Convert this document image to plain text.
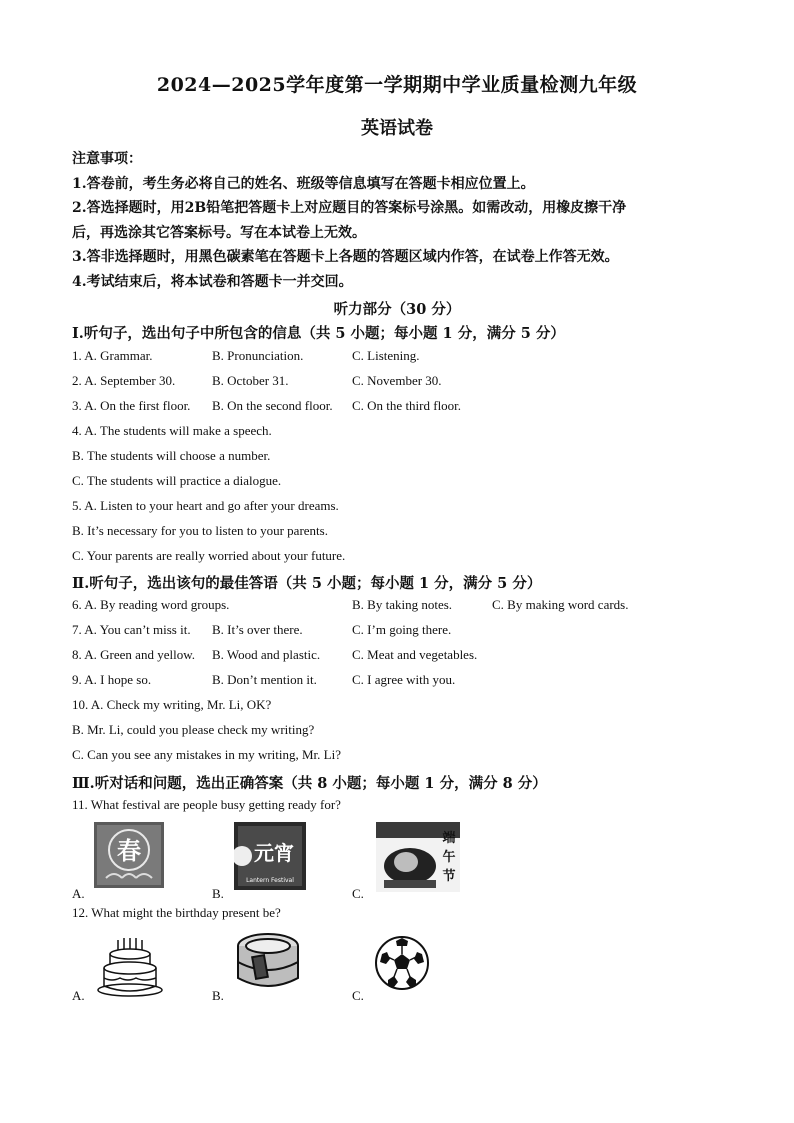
2024—2025学年度第一学期期中学业质量检测九年级
英语试卷

注意事项：

1.答卷前，考生务必将自己的姓名、班级等信息填写在答题卡相应位置上。

2.答选择题时，用2B铅笔把答题卡上对应题目的答案标号涂黑。如需改动，用橡皮擦干净

后，再选涂其它答案标号。写在本试卷上无效。

3.答非选择题时，用黑色碳素笔在答题卡上各题的答题区域内作答，在试卷上作答无效。

4.考试结束后，将本试卷和答题卡一并交回。

听力部分（30 分）
Ⅰ.听句子，选出句子中所包含的信息（共 5 小题；每小题 1 分，满分 5 分）
1. A. Grammar.	B. Pronunciation.	C. Listening.
2. A. September 30.	B. October 31.	C. November 30.
3. A. On the first floor. B. On the second floor. C. On the third floor.
4. A. The students will make a speech.
B. The students will choose a number.
C. The students will practice a dialogue.
5. A. Listen to your heart and go after your dreams.
B. It’s necessary for you to listen to your parents.
C. Your parents are really worried about your future.
Ⅱ.听句子，选出该句的最佳答语（共 5 小题；每小题 1 分，满分 5 分）
6. A. By reading word groups.	B. By taking notes.	C. By making word cards.
7. A. You can’t miss it. B. It’s over there.	C. I’m going there.
8. A. Green and yellow. B. Wood and plastic. C. Meat and vegetables.
9. A. I hope so.	B. Don’t mention it.	C. I agree with you.
10. A. Check my writing, Mr. Li, OK?
B. Mr. Li, could you please check my writing?
C. Can you see any mistakes in my writing, Mr. Li?
Ⅲ.听对话和问题，选出正确答案（共 8 小题；每小题 1 分，满分 8 分）
11. What festival are people busy getting ready for?
春
A.
元宵
Lantern Festival
B.
端
午
节
C.
12. What might the birthday present be?
A.	B.	C.
